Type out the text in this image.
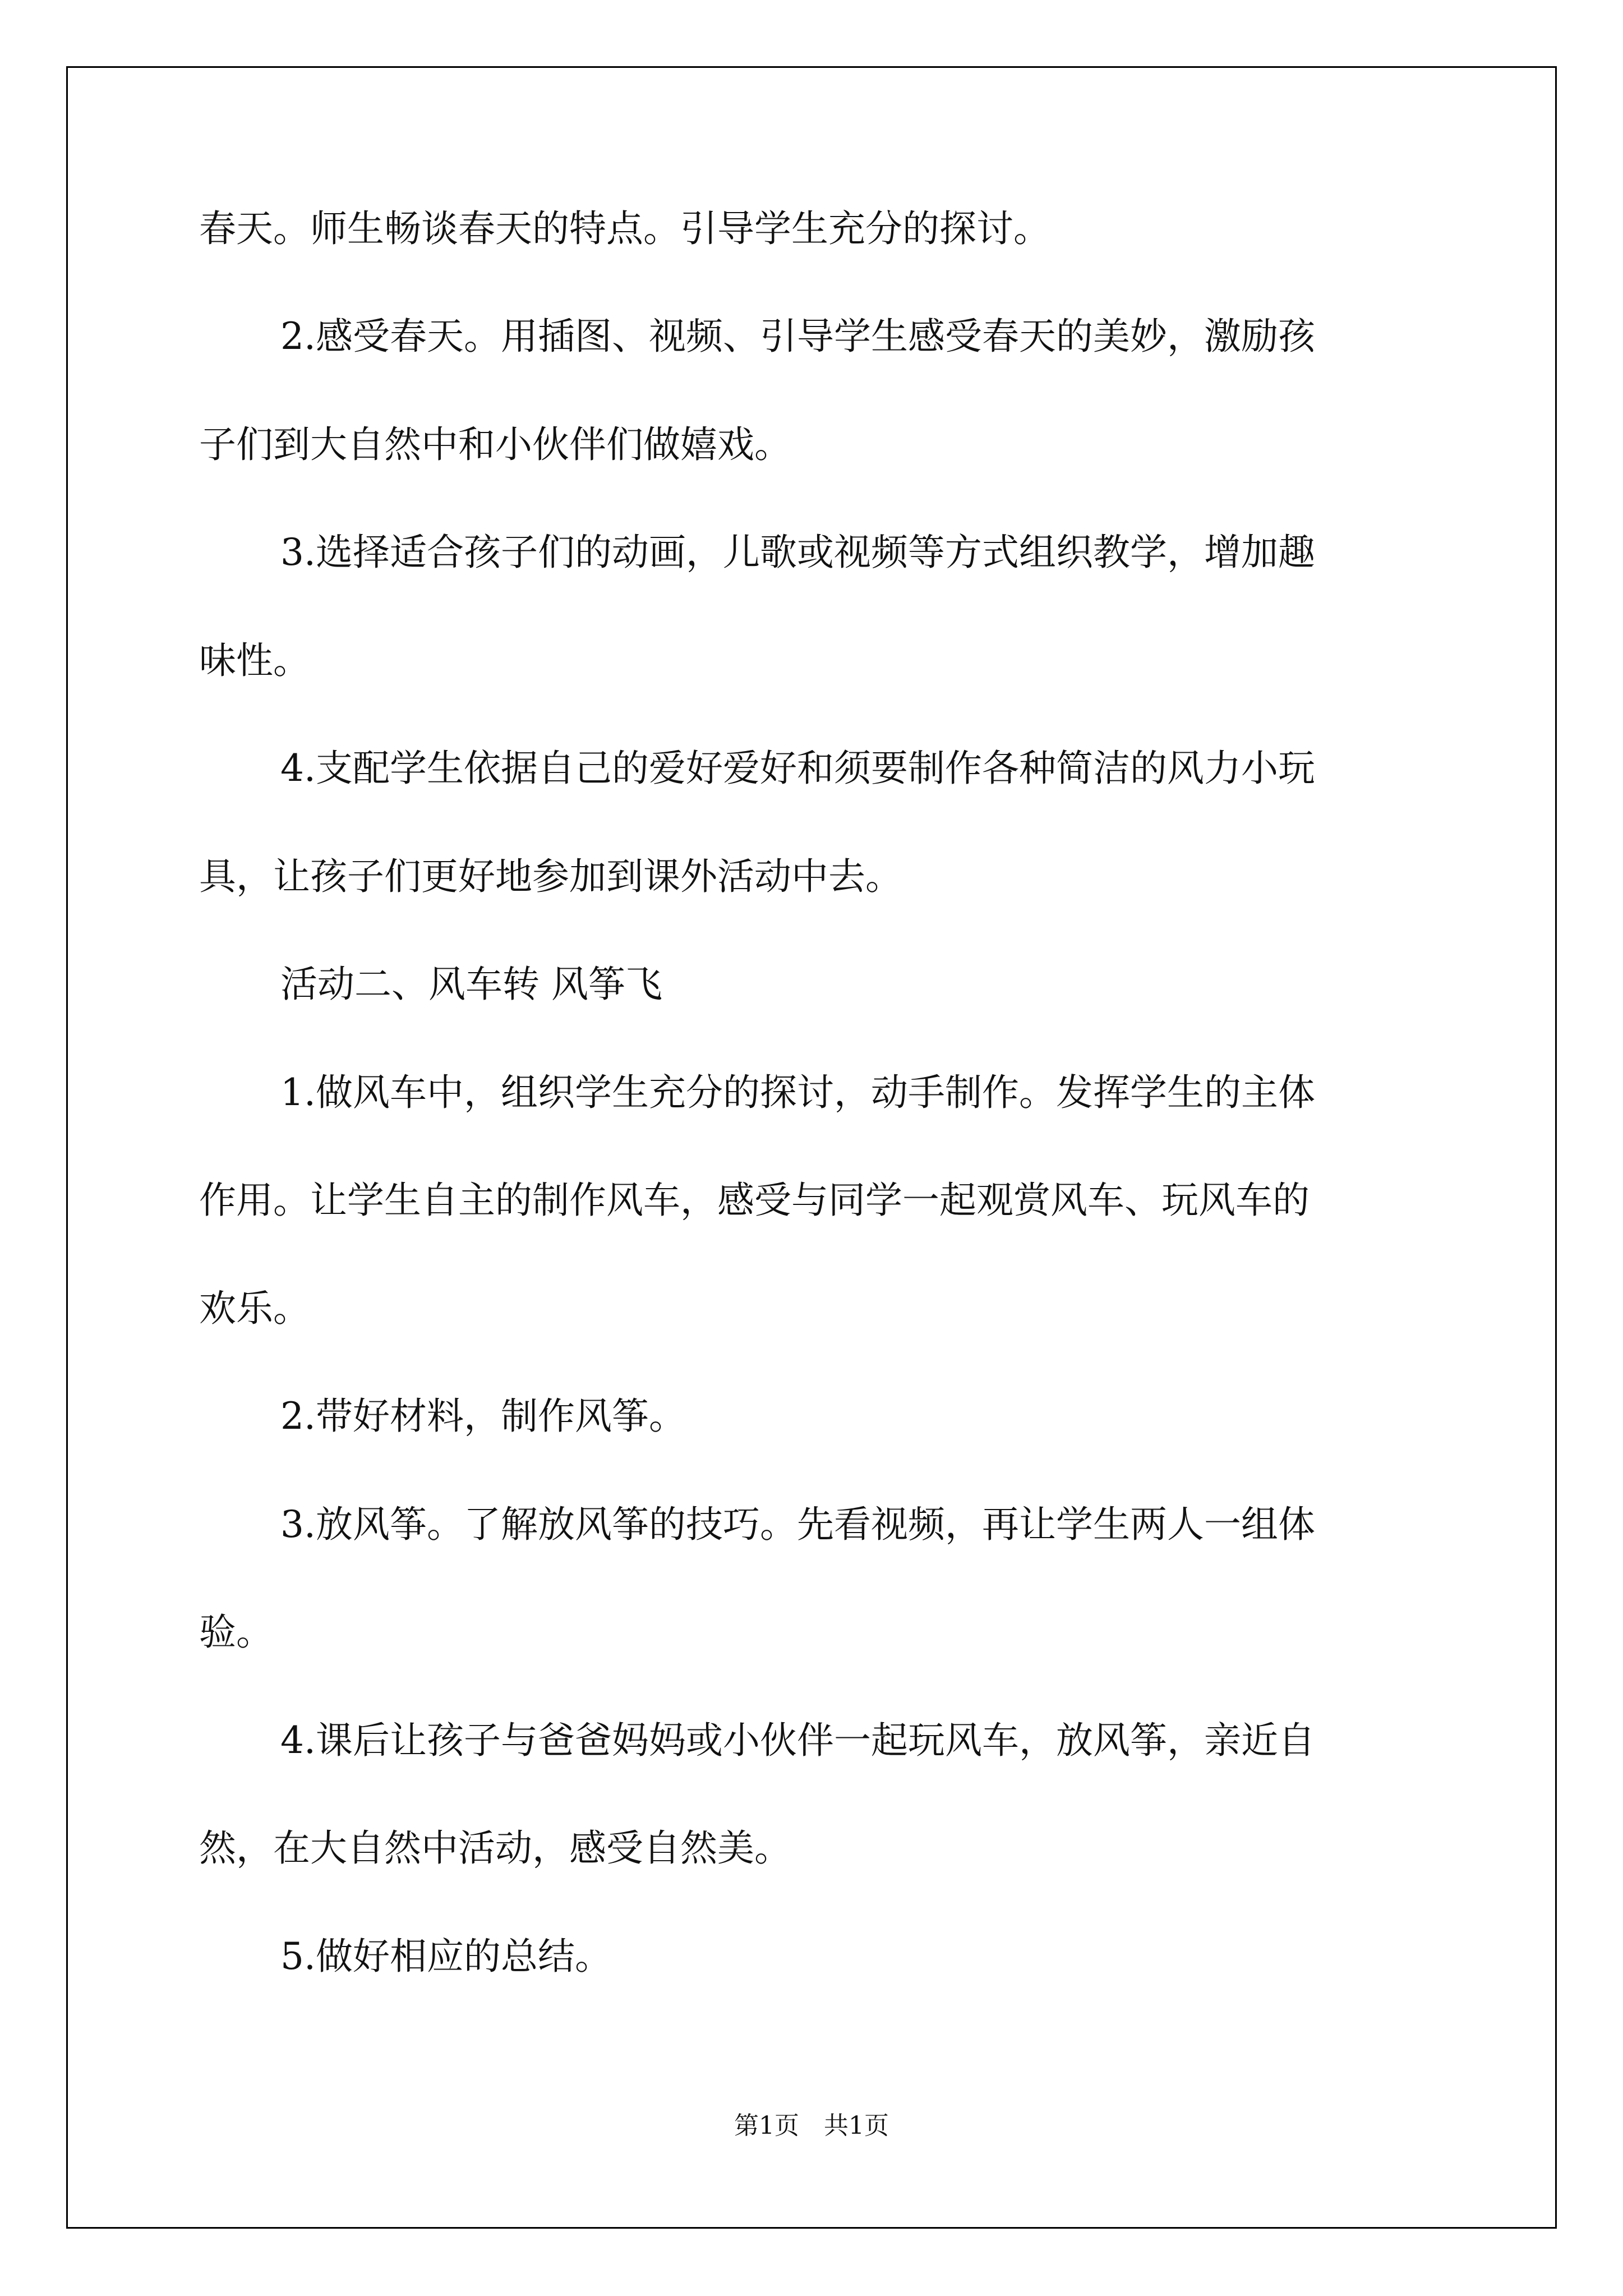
春天。师生畅谈春天的特点。引导学生充分的探讨。
2.感受春天。用插图、视频、引导学生感受春天的美妙，激励孩
子们到大自然中和小伙伴们做嬉戏。
3.选择适合孩子们的动画，儿歌或视频等方式组织教学，增加趣
味性。
4.支配学生依据自己的爱好爱好和须要制作各种简洁的风力小玩
具，让孩子们更好地参加到课外活动中去。
活动二、风车转 风筝飞
1.做风车中，组织学生充分的探讨，动手制作。发挥学生的主体
作用。让学生自主的制作风车，感受与同学一起观赏风车、玩风车的
欢乐。
2.带好材料，制作风筝。
3.放风筝。了解放风筝的技巧。先看视频，再让学生两人一组体
验。
4.课后让孩子与爸爸妈妈或小伙伴一起玩风车，放风筝，亲近自
然，在大自然中活动，感受自然美。
5.做好相应的总结。
第1页　共1页
